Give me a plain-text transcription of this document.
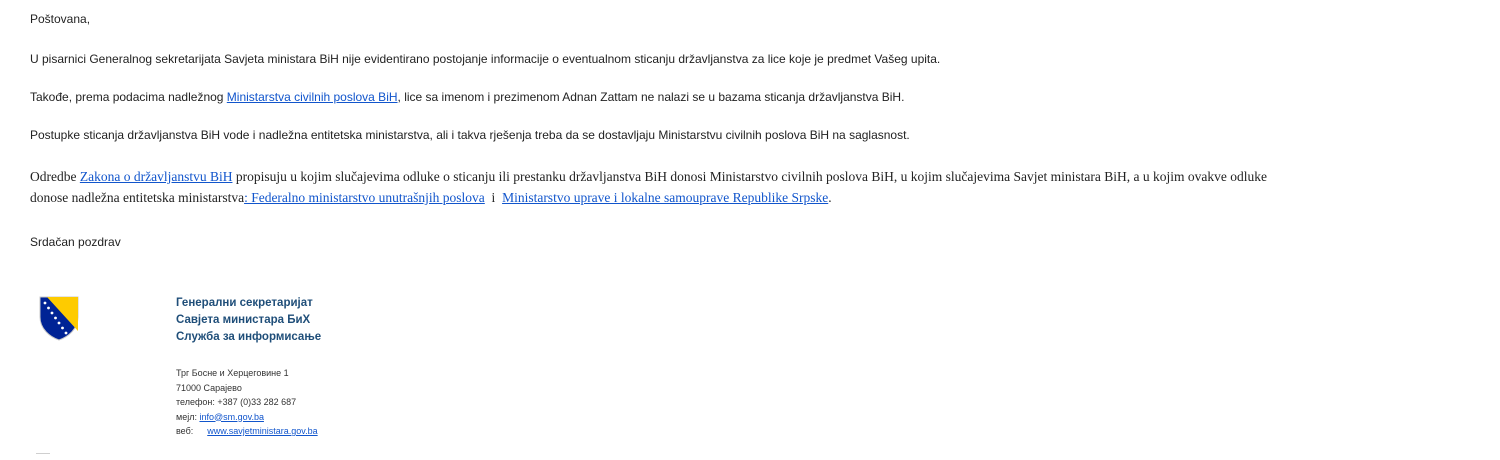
Poštovana,

U pisarnici Generalnog sekretarijata Savjeta ministara BiH nije evidentirano postojanje informacije o eventualnom sticanju državljanstva za lice koje je predmet Vašeg upita.

Takođe, prema podacima nadležnog Ministarstva civilnih poslova BiH, lice sa imenom i prezimenom Adnan Zattam ne nalazi se u bazama sticanja državljanstva BiH.

Postupke sticanja državljanstva BiH vode i nadležna entitetska ministarstva, ali i takva rješenja treba da se dostavljaju Ministarstvu civilnih poslova BiH na saglasnost.

Odredbe Zakona o državljanstvu BiH propisuju u kojim slučajevima odluke o sticanju ili prestanku državljanstva BiH donosi Ministarstvo civilnih poslova BiH, u kojim slučajevima Savjet ministara BiH, a u kojim ovakve odluke
donose nadležna entitetska ministarstva: Federalno ministarstvo unutrašnjih poslova  i  Ministarstvo uprave i lokalne samouprave Republike Srpske.

Srdačan pozdrav

Генерални секретаријат
Савјета министара БиХ
Служба за информисање
Трг Босне и Херцеговине 1
71000 Сарајево
телефон: +387 (0)33 282 687
мејл: info@sm.gov.ba
веб: www.savjetministara.gov.ba
